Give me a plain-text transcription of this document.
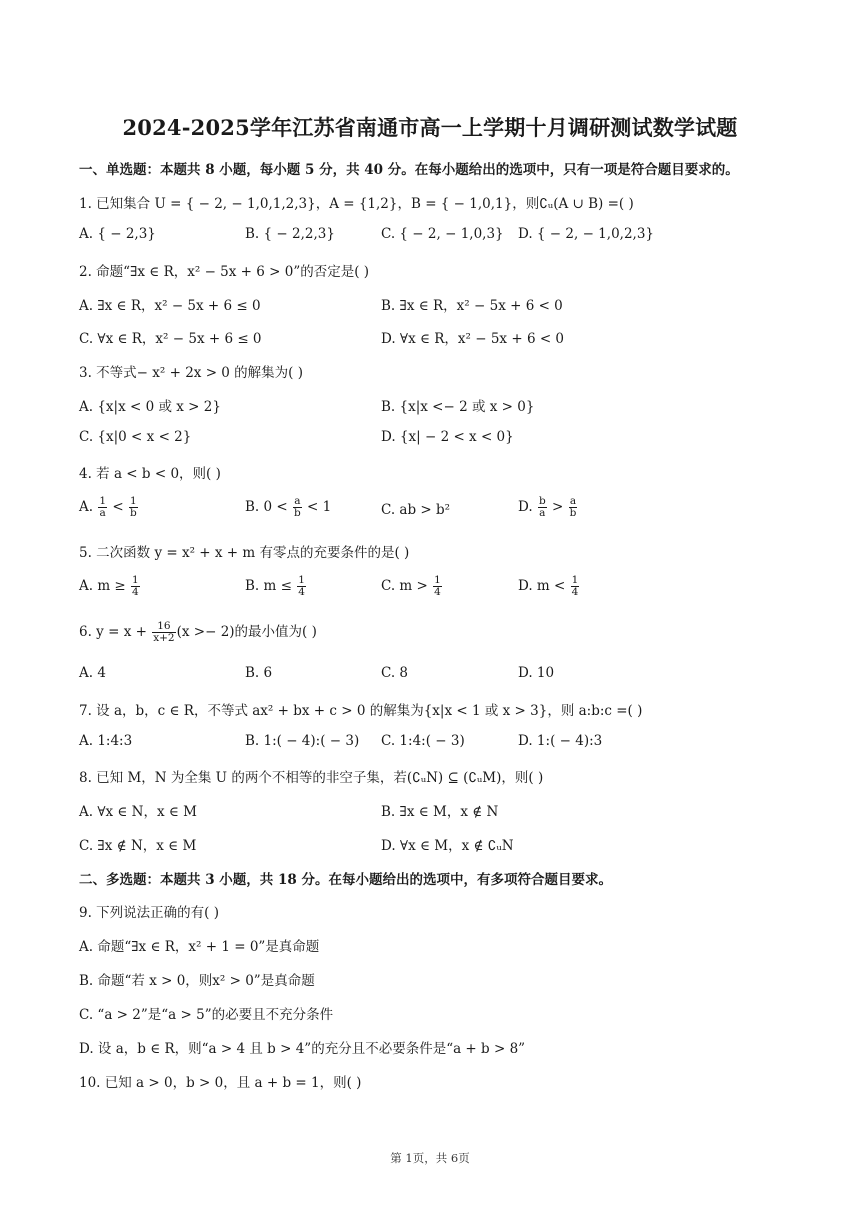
2024-2025学年江苏省南通市高一上学期十月调研测试数学试题
一、单选题：本题共 8 小题，每小题 5 分，共 40 分。在每小题给出的选项中，只有一项是符合题目要求的。
1. 已知集合 U = { − 2, − 1,0,1,2,3}，A = {1,2}，B = { − 1,0,1}，则∁ᵤ(A ∪ B) =( )
A. { − 2,3}	B. { − 2,2,3}	C. { − 2, − 1,0,3} D. { − 2, − 1,0,2,3}
2. 命题“∃x ∈ R，x² − 5x + 6 > 0”的否定是( )
A. ∃x ∈ R，x² − 5x + 6 ≤ 0	B. ∃x ∈ R，x² − 5x + 6 < 0
C. ∀x ∈ R，x² − 5x + 6 ≤ 0	D. ∀x ∈ R，x² − 5x + 6 < 0
3. 不等式− x² + 2x > 0 的解集为( )
A. {x|x < 0 或 x > 2}	B. {x|x <− 2 或 x > 0}
C. {x|0 < x < 2}	D. {x| − 2 < x < 0}
4. 若 a < b < 0，则( )
A. $\frac{1}{a} < \frac{1}{b}$	B. $0 < \frac{a}{b} < 1$	C. ab > b²	D. $\frac{b}{a} > \frac{a}{b}$
5. 二次函数 y = x² + x + m 有零点的充要条件的是( )
A. $m \ge \frac{1}{4}$	B. $m \le \frac{1}{4}$	C. $m > \frac{1}{4}$	D. $m < \frac{1}{4}$
6. $y = x + \frac{16}{x+2} (x >- 2)$的最小值为( )
A. 4	B. 6	C. 8	D. 10
7. 设 a，b，c ∈ R，不等式 ax² + bx + c > 0 的解集为{x|x < 1 或 x > 3}，则 a:b:c =( )
A. 1:4:3	B. 1:( − 4):( − 3) C. 1:4:( − 3)	D. 1:( − 4):3
8. 已知 M，N 为全集 U 的两个不相等的非空子集，若(∁ᵤN) ⊆ (∁ᵤM)，则( )
A. ∀x ∈ N，x ∈ M	B. ∃x ∈ M，x ∉ N
C. ∃x ∉ N，x ∈ M	D. ∀x ∈ M，x ∉ ∁ᵤN
二、多选题：本题共 3 小题，共 18 分。在每小题给出的选项中，有多项符合题目要求。
9. 下列说法正确的有( )
A. 命题“∃x ∈ R，x² + 1 = 0”是真命题
B. 命题“若 x > 0，则x² > 0”是真命题
C. “a > 2”是“a > 5”的必要且不充分条件
D. 设 a，b ∈ R，则“a > 4 且 b > 4”的充分且不必要条件是“a + b > 8”
10. 已知 a > 0，b > 0，且 a + b = 1，则( )
第 1页，共 6页
